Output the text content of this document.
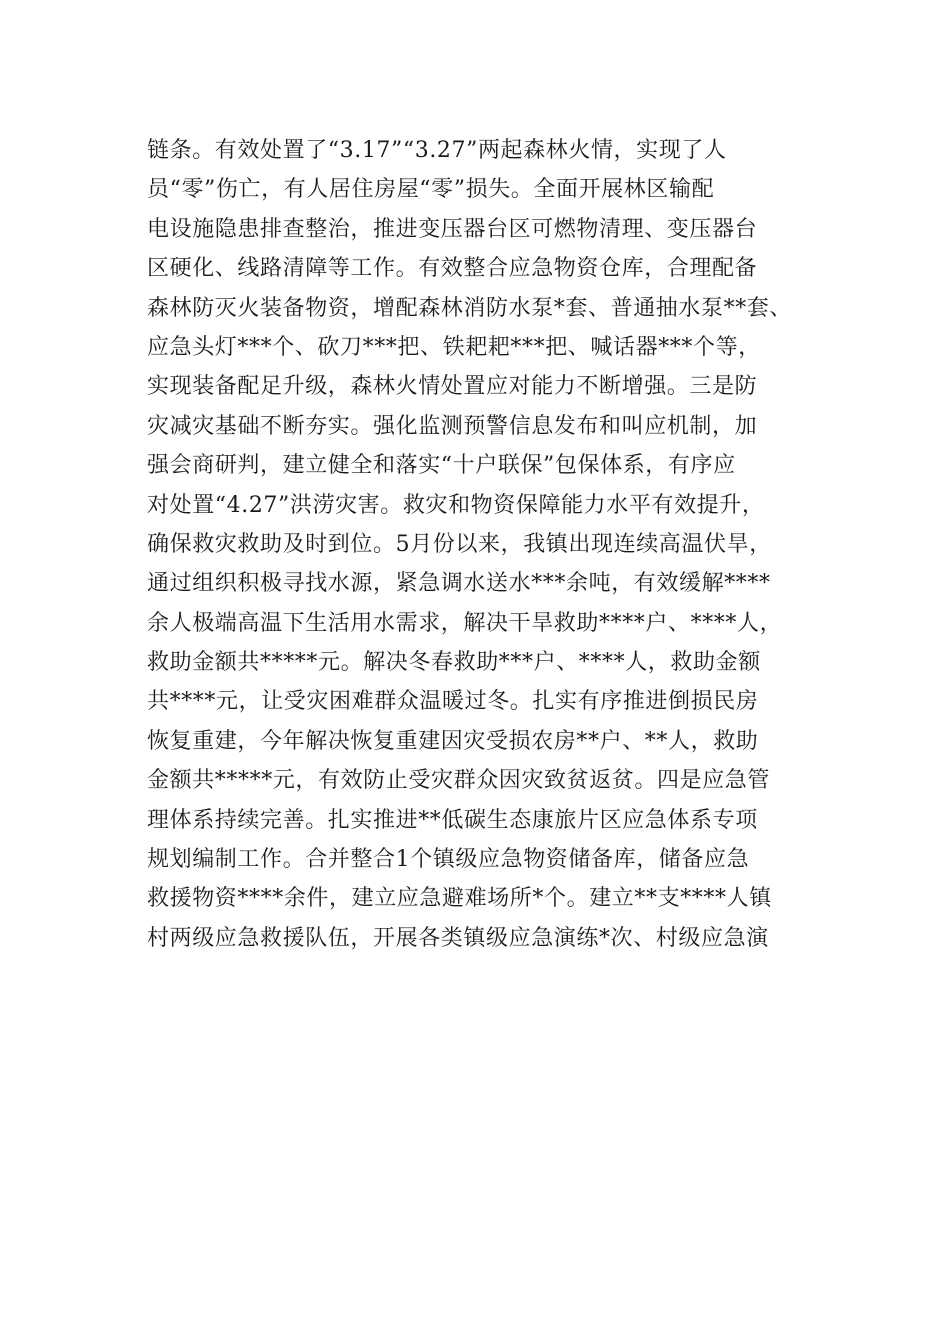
链条。有效处置了“3.17”“3.27”两起森林火情，实现了人
员“零”伤亡，有人居住房屋“零”损失。全面开展林区输配
电设施隐患排查整治，推进变压器台区可燃物清理、变压器台
区硬化、线路清障等工作。有效整合应急物资仓库，合理配备
森林防灭火装备物资，增配森林消防水泵*套、普通抽水泵**套、
应急头灯***个、砍刀***把、铁耙耙***把、喊话器***个等，
实现装备配足升级，森林火情处置应对能力不断增强。三是防
灾减灾基础不断夯实。强化监测预警信息发布和叫应机制，加
强会商研判，建立健全和落实“十户联保”包保体系，有序应
对处置“4.27”洪涝灾害。救灾和物资保障能力水平有效提升，
确保救灾救助及时到位。5月份以来，我镇出现连续高温伏旱，
通过组织积极寻找水源，紧急调水送水***余吨，有效缓解****
余人极端高温下生活用水需求，解决干旱救助****户、****人，
救助金额共*****元。解决冬春救助***户、****人，救助金额
共****元，让受灾困难群众温暖过冬。扎实有序推进倒损民房
恢复重建，今年解决恢复重建因灾受损农房**户、**人，救助
金额共*****元，有效防止受灾群众因灾致贫返贫。四是应急管
理体系持续完善。扎实推进**低碳生态康旅片区应急体系专项
规划编制工作。合并整合1个镇级应急物资储备库，储备应急
救援物资****余件，建立应急避难场所*个。建立**支****人镇
村两级应急救援队伍，开展各类镇级应急演练*次、村级应急演
